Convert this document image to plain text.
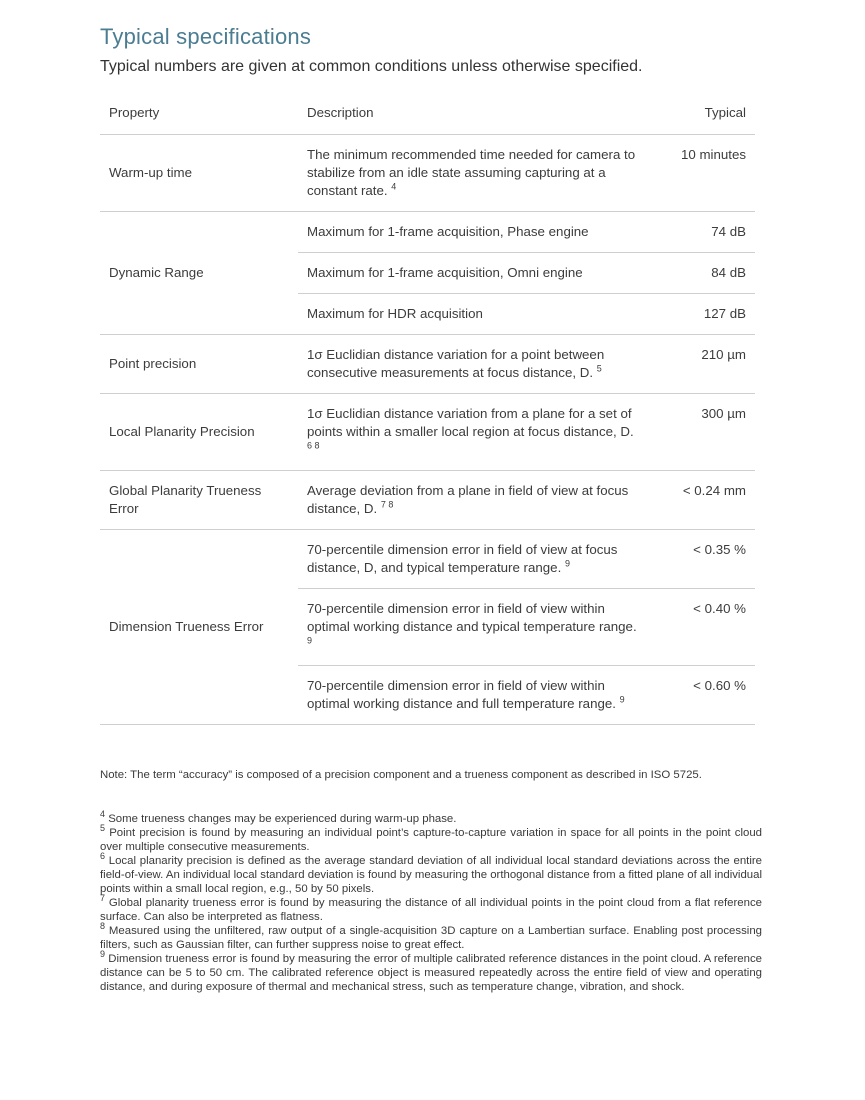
Typical specifications
Typical numbers are given at common conditions unless otherwise specified.
Property	Description	Typical
Warm-up time	The minimum recommended time needed for camera to stabilize from an idle state assuming capturing at a constant rate. $^4$	10 minutes
Dynamic Range	Maximum for 1-frame acquisition, Phase engine	74 dB
	Maximum for 1-frame acquisition, Omni engine	84 dB
	Maximum for HDR acquisition	127 dB
Point precision	1σ Euclidian distance variation for a point between consecutive measurements at focus distance, D. $^5$	210 µm
Local Planarity Precision	1σ Euclidian distance variation from a plane for a set of points within a smaller local region at focus distance, D. $^{6 8}$	300 µm
Global Planarity Trueness Error	Average deviation from a plane in field of view at focus distance, D. $^{7 8}$	< 0.24 mm
Dimension Trueness Error	70-percentile dimension error in field of view at focus distance, D, and typical temperature range. $^9$	< 0.35 %
	70-percentile dimension error in field of view within optimal working distance and typical temperature range. $^9$	< 0.40 %
	70-percentile dimension error in field of view within optimal working distance and full temperature range. $^9$	< 0.60 %
Note: The term “accuracy” is composed of a precision component and a trueness component as described in ISO 5725.

$^4$ Some trueness changes may be experienced during warm-up phase.

$^5$ Point precision is found by measuring an individual point’s capture-to-capture variation in space for all points in the point cloud over multiple consecutive measurements.

$^6$ Local planarity precision is defined as the average standard deviation of all individual local standard deviations across the entire field-of-view. An individual local standard deviation is found by measuring the orthogonal distance from a fitted plane of all individual points within a small local region, e.g., 50 by 50 pixels.

$^7$ Global planarity trueness error is found by measuring the distance of all individual points in the point cloud from a flat reference surface. Can also be interpreted as flatness.

$^8$ Measured using the unfiltered, raw output of a single-acquisition 3D capture on a Lambertian surface. Enabling post processing filters, such as Gaussian filter, can further suppress noise to great effect.

$^9$ Dimension trueness error is found by measuring the error of multiple calibrated reference distances in the point cloud. A reference distance can be 5 to 50 cm. The calibrated reference object is measured repeatedly across the entire field of view and operating distance, and during exposure of thermal and mechanical stress, such as temperature change, vibration, and shock.
